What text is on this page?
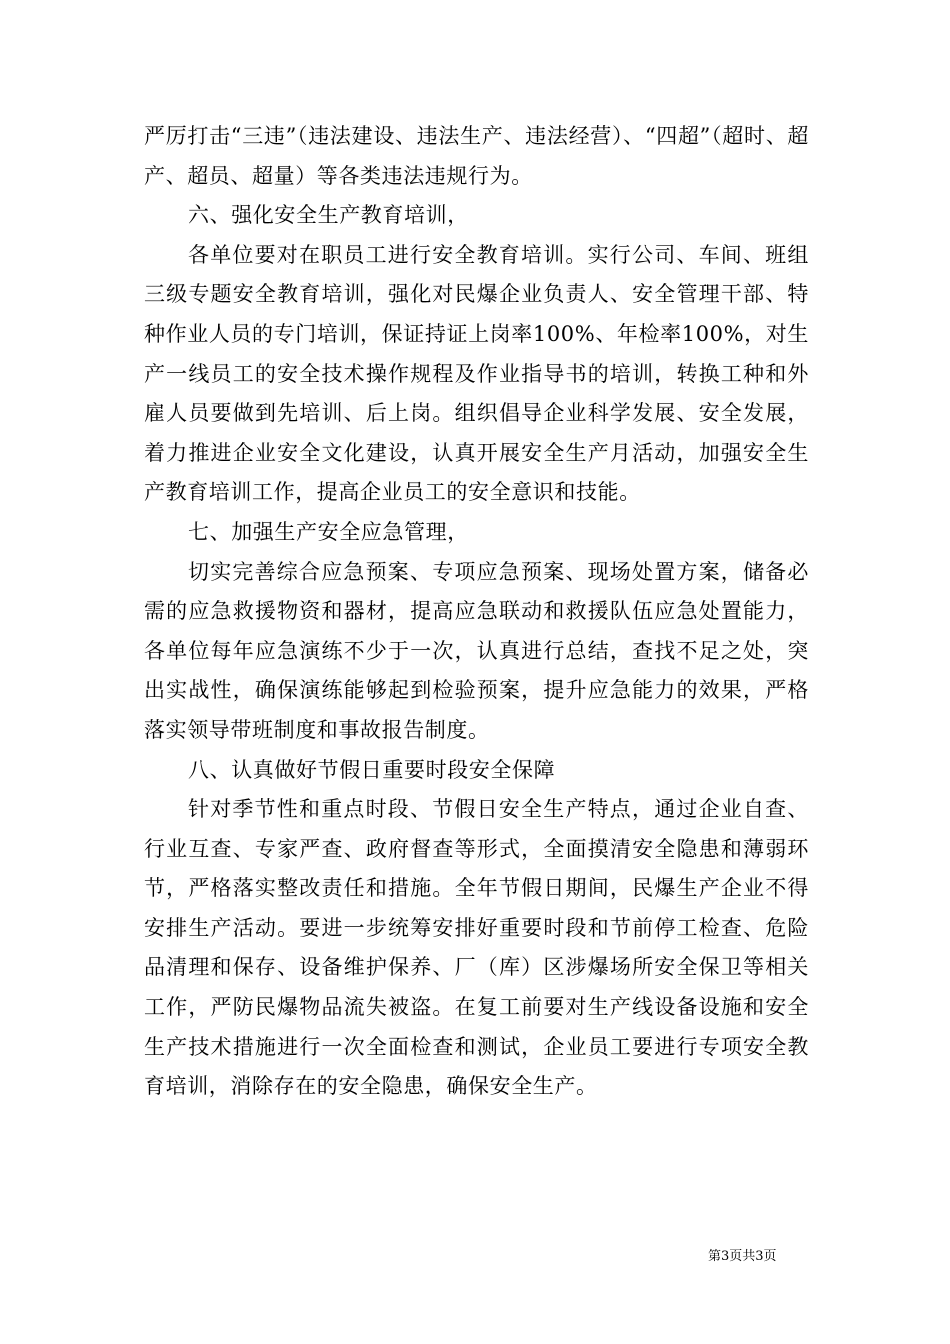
严厉打击“三违”（违法建设、违法生产、违法经营）、“四超”（超时、超产、超员、超量）等各类违法违规行为。

六、强化安全生产教育培训，

各单位要对在职员工进行安全教育培训。实行公司、车间、班组三级专题安全教育培训，强化对民爆企业负责人、安全管理干部、特种作业人员的专门培训，保证持证上岗率100%、年检率100%，对生产一线员工的安全技术操作规程及作业指导书的培训，转换工种和外雇人员要做到先培训、后上岗。组织倡导企业科学发展、安全发展，着力推进企业安全文化建设，认真开展安全生产月活动，加强安全生产教育培训工作，提高企业员工的安全意识和技能。

七、加强生产安全应急管理，

切实完善综合应急预案、专项应急预案、现场处置方案，储备必需的应急救援物资和器材，提高应急联动和救援队伍应急处置能力，各单位每年应急演练不少于一次，认真进行总结，查找不足之处，突出实战性，确保演练能够起到检验预案，提升应急能力的效果，严格落实领导带班制度和事故报告制度。

八、认真做好节假日重要时段安全保障

针对季节性和重点时段、节假日安全生产特点，通过企业自查、行业互查、专家严查、政府督查等形式，全面摸清安全隐患和薄弱环节，严格落实整改责任和措施。全年节假日期间，民爆生产企业不得安排生产活动。要进一步统筹安排好重要时段和节前停工检查、危险品清理和保存、设备维护保养、厂（库）区涉爆场所安全保卫等相关工作，严防民爆物品流失被盗。在复工前要对生产线设备设施和安全生产技术措施进行一次全面检查和测试，企业员工要进行专项安全教育培训，消除存在的安全隐患，确保安全生产。

第3页共3页
